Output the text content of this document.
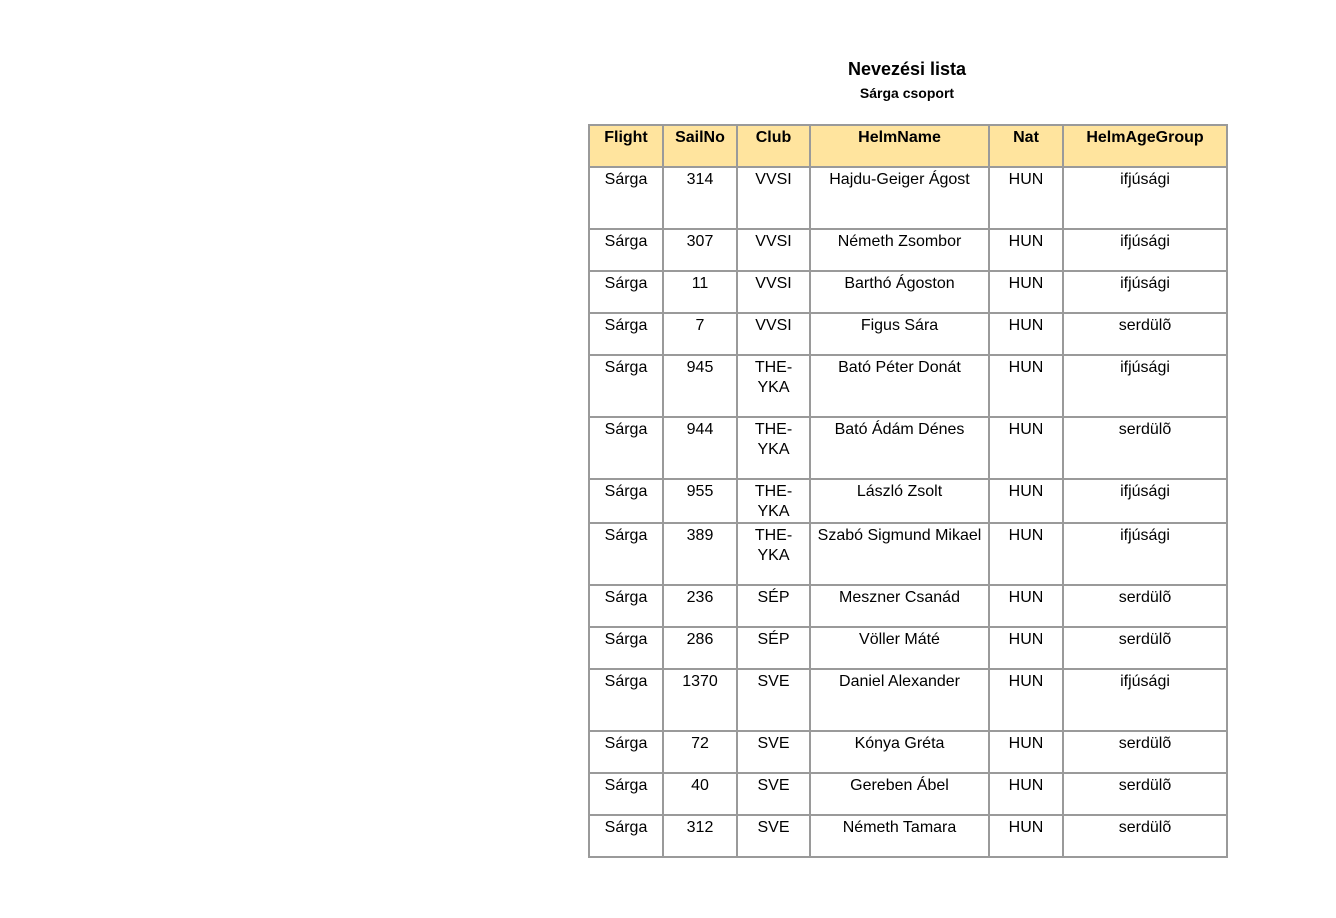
Nevezési lista
Sárga csoport
Flight	SailNo	Club	HelmName	Nat	HelmAgeGroup
Sárga	314	VVSI	Hajdu-Geiger Ágost	HUN	ifjúsági
Sárga	307	VVSI	Németh Zsombor	HUN	ifjúsági
Sárga	11	VVSI	Barthó Ágoston	HUN	ifjúsági
Sárga	7	VVSI	Figus Sára	HUN	serdülõ
Sárga	945	THE-YKA	Bató Péter Donát	HUN	ifjúsági
Sárga	944	THE-YKA	Bató Ádám Dénes	HUN	serdülõ
Sárga	955	THE-YKA	László Zsolt	HUN	ifjúsági
Sárga	389	THE-YKA	Szabó Sigmund Mikael	HUN	ifjúsági
Sárga	236	SÉP	Meszner Csanád	HUN	serdülõ
Sárga	286	SÉP	Völler Máté	HUN	serdülõ
Sárga	1370	SVE	Daniel Alexander	HUN	ifjúsági
Sárga	72	SVE	Kónya Gréta	HUN	serdülõ
Sárga	40	SVE	Gereben Ábel	HUN	serdülõ
Sárga	312	SVE	Németh Tamara	HUN	serdülõ
